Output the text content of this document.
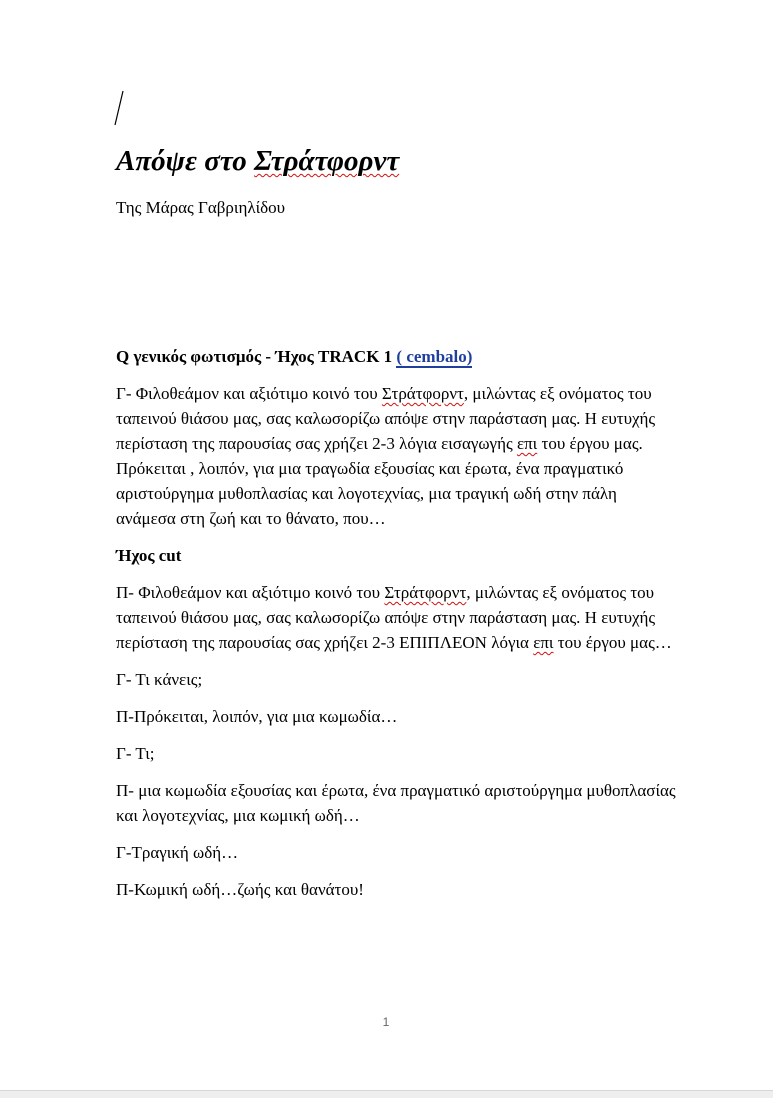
Απόψε στο Στράτφορντ
Της Μάρας Γαβριηλίδου

Q γενικός φωτισμός - Ήχος TRACK 1 ( cembalo)

Γ- Φιλοθεάμον και αξιότιμο κοινό του Στράτφορντ, μιλώντας εξ ονόματος του ταπεινού θιάσου μας, σας καλωσορίζω απόψε στην παράσταση μας. Η ευτυχής περίσταση της παρουσίας σας χρήζει 2-3 λόγια εισαγωγής επι του έργου μας. Πρόκειται , λοιπόν, για μια τραγωδία εξουσίας και έρωτα, ένα πραγματικό αριστούργημα μυθοπλασίας και λογοτεχνίας, μια τραγική ωδή στην πάλη ανάμεσα στη ζωή και το θάνατο, που…

Ήχος cut

Π- Φιλοθεάμον και αξιότιμο κοινό του Στράτφορντ, μιλώντας εξ ονόματος του ταπεινού θιάσου μας, σας καλωσορίζω απόψε στην παράσταση μας. Η ευτυχής περίσταση της παρουσίας σας χρήζει 2-3 ΕΠΙΠΛΕΟΝ λόγια επι του έργου μας…

Γ- Τι κάνεις;

Π-Πρόκειται, λοιπόν, για μια κωμωδία…

Γ- Τι;

Π- μια κωμωδία εξουσίας και έρωτα, ένα πραγματικό αριστούργημα μυθοπλασίας και λογοτεχνίας, μια κωμική ωδή…

Γ-Τραγική ωδή…

Π-Κωμική ωδή…ζωής και θανάτου!

1
